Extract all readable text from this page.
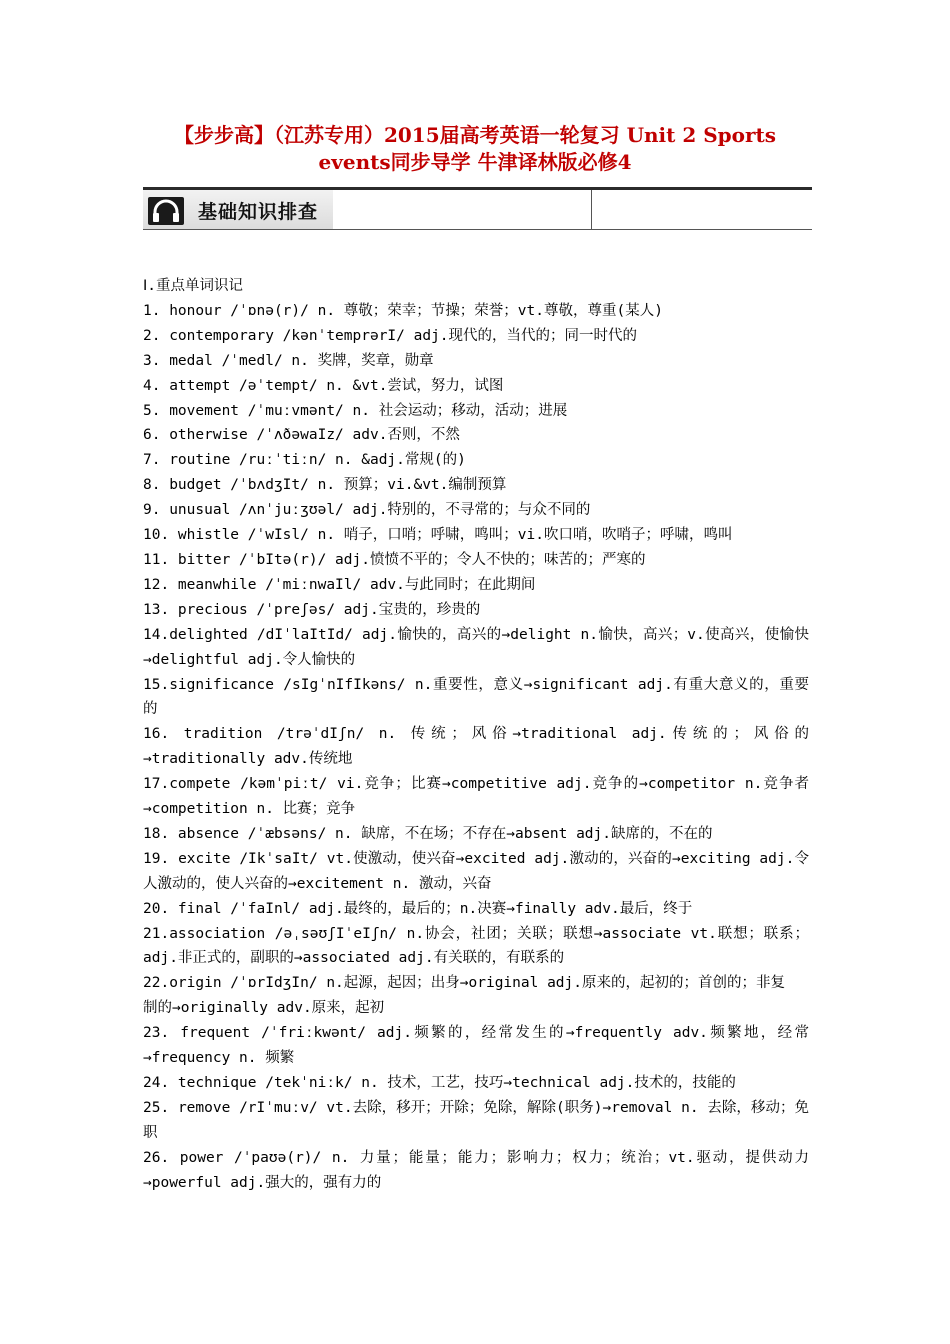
【步步高】（江苏专用）2015届高考英语一轮复习 Unit 2 Sports
events同步导学 牛津译林版必修4
基础知识排查

Ⅰ.重点单词识记

1. honour /ˈɒnə(r)/ n. 尊敬；荣幸；节操；荣誉；vt.尊敬，尊重(某人)

2. contemporary /kənˈtemprərI/ adj.现代的，当代的；同一时代的

3. medal /ˈmedl/ n. 奖牌，奖章，勋章

4. attempt /əˈtempt/ n. &vt.尝试，努力，试图

5. movement /ˈmuːvmənt/ n. 社会运动；移动，活动；进展

6. otherwise /ˈʌðəwaIz/ adv.否则，不然

7. routine /ruːˈtiːn/ n. &adj.常规(的)

8. budget /ˈbʌdʒIt/ n. 预算；vi.&vt.编制预算

9. unusual /ʌnˈjuːʒʊəl/ adj.特别的，不寻常的；与众不同的

10. whistle /ˈwIsl/ n. 哨子，口哨；呼啸，鸣叫；vi.吹口哨，吹哨子；呼啸，鸣叫

11. bitter /ˈbItə(r)/ adj.愤愤不平的；令人不快的；味苦的；严寒的

12. meanwhile /ˈmiːnwaIl/ adv.与此同时；在此期间

13. precious /ˈpreʃəs/ adj.宝贵的，珍贵的

14.delighted /dIˈlaItId/ adj.愉快的，高兴的→delight n.愉快，高兴；v.使高兴，使愉快→delightful adj.令人愉快的

15.significance /sIgˈnIfIkəns/ n.重要性，意义→significant adj.有重大意义的，重要的

16. tradition /trəˈdIʃn/ n. 传统；风俗→traditional adj.传统的；风俗的→traditionally adv.传统地

17.compete /kəmˈpiːt/ vi.竞争；比赛→competitive adj.竞争的→competitor n.竞争者→competition n. 比赛；竞争

18. absence /ˈæbsəns/ n. 缺席，不在场；不存在→absent adj.缺席的，不在的

19. excite /IkˈsaIt/ vt.使激动，使兴奋→excited adj.激动的，兴奋的→exciting adj.令人激动的，使人兴奋的→excitement n. 激动，兴奋

20. final /ˈfaInl/ adj.最终的，最后的；n.决赛→finally adv.最后，终于

21.association /əˌsəʊʃIˈeIʃn/ n.协会，社团；关联；联想→associate vt.联想；联系；adj.非正式的，副职的→associated adj.有关联的，有联系的

22.origin /ˈɒrIdʒIn/ n.起源，起因；出身→original adj.原来的，起初的；首创的；非复

制的→originally adv.原来，起初

23. frequent /ˈfriːkwənt/ adj.频繁的，经常发生的→frequently adv.频繁地，经常→frequency n. 频繁

24. technique /tekˈniːk/ n. 技术，工艺，技巧→technical adj.技术的，技能的

25. remove /rIˈmuːv/ vt.去除，移开；开除；免除，解除(职务)→removal n. 去除，移动；免职

26. power /ˈpaʊə(r)/ n. 力量；能量；能力；影响力；权力；统治；vt.驱动，提供动力→powerful adj.强大的，强有力的
